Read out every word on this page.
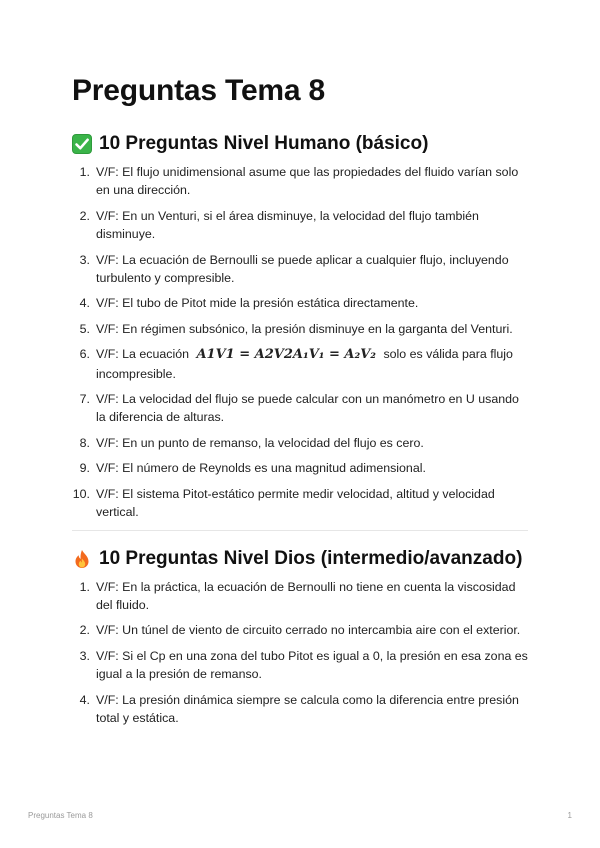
Preguntas Tema 8
10 Preguntas Nivel Humano (básico)
1. V/F: El flujo unidimensional asume que las propiedades del fluido varían solo en una dirección.
2. V/F: En un Venturi, si el área disminuye, la velocidad del flujo también disminuye.
3. V/F: La ecuación de Bernoulli se puede aplicar a cualquier flujo, incluyendo turbulento y compresible.
4. V/F: El tubo de Pitot mide la presión estática directamente.
5. V/F: En régimen subsónico, la presión disminuye en la garganta del Venturi.
6. V/F: La ecuación A1V1 = A2V2A₁V₁ = A₂V₂ solo es válida para flujo incompresible.
7. V/F: La velocidad del flujo se puede calcular con un manómetro en U usando la diferencia de alturas.
8. V/F: En un punto de remanso, la velocidad del flujo es cero.
9. V/F: El número de Reynolds es una magnitud adimensional.
10. V/F: El sistema Pitot-estático permite medir velocidad, altitud y velocidad vertical.
10 Preguntas Nivel Dios (intermedio/avanzado)
1. V/F: En la práctica, la ecuación de Bernoulli no tiene en cuenta la viscosidad del fluido.
2. V/F: Un túnel de viento de circuito cerrado no intercambia aire con el exterior.
3. V/F: Si el Cp en una zona del tubo Pitot es igual a 0, la presión en esa zona es igual a la presión de remanso.
4. V/F: La presión dinámica siempre se calcula como la diferencia entre presión total y estática.
Preguntas Tema 8	1
